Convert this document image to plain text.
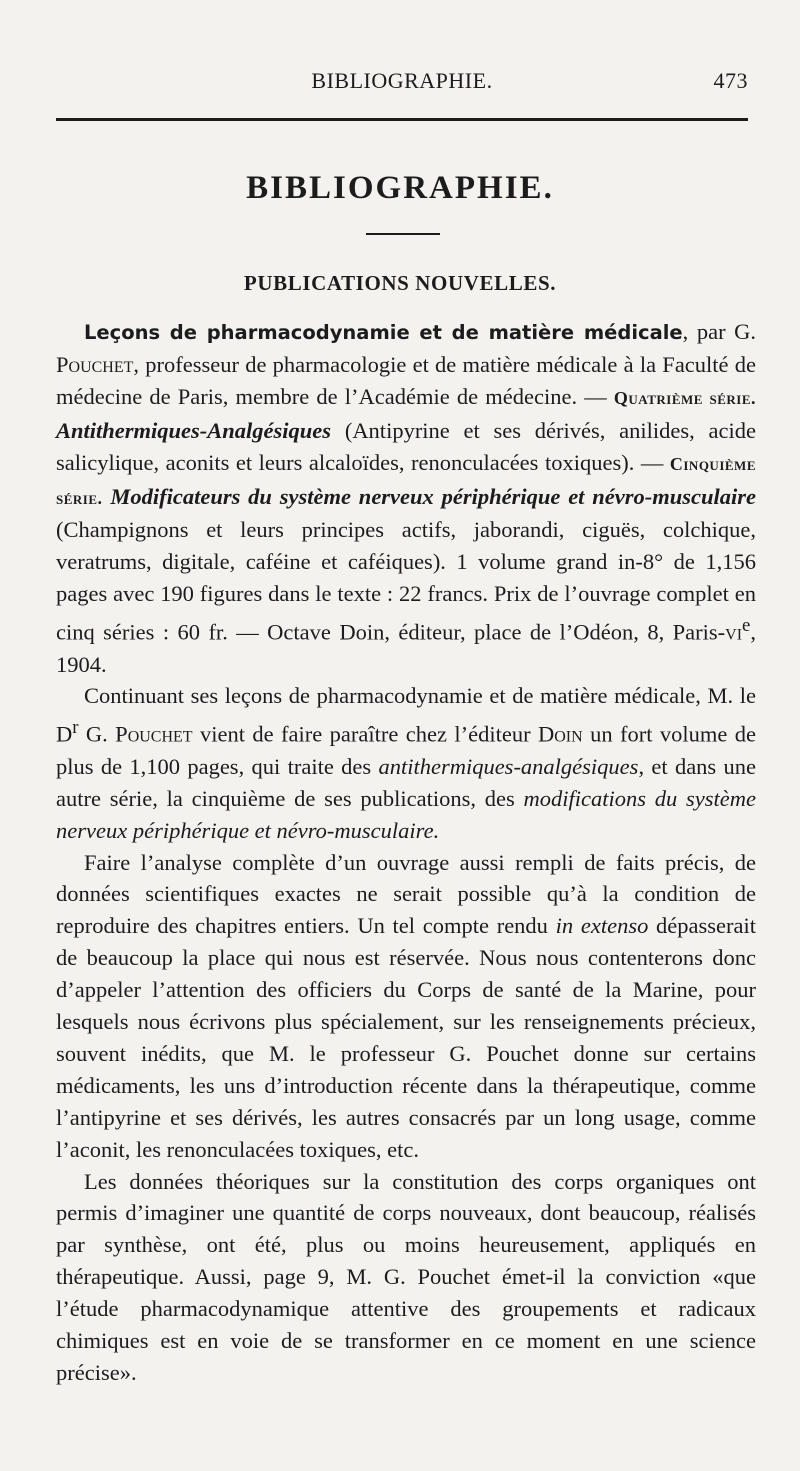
BIBLIOGRAPHIE.	473
BIBLIOGRAPHIE.
PUBLICATIONS NOUVELLES.

Leçons de pharmacodynamie et de matière médicale, par G. Pouchet, professeur de pharmacologie et de matière médicale à la Faculté de médecine de Paris, membre de l’Académie de médecine. — Quatrième série. Antithermiques-Analgésiques (Antipyrine et ses dérivés, anilides, acide salicylique, aconits et leurs alcaloïdes, renonculacées toxiques). — Cinquième série. Modificateurs du système nerveux périphérique et névro-musculaire (Champignons et leurs principes actifs, jaborandi, ciguës, colchique, veratrums, digitale, caféine et caféiques). 1 volume grand in-8° de 1,156 pages avec 190 figures dans le texte : 22 francs. Prix de l’ouvrage complet en cinq séries : 60 fr. — Octave Doin, éditeur, place de l’Odéon, 8, Paris-$vi^e$, 1904.

Continuant ses leçons de pharmacodynamie et de matière médicale, M. le $D^r$ G. Pouchet vient de faire paraître chez l’éditeur Doin un fort volume de plus de 1,100 pages, qui traite des antithermiques-analgésiques, et dans une autre série, la cinquième de ses publications, des modifications du système nerveux périphérique et névro-musculaire.

Faire l’analyse complète d’un ouvrage aussi rempli de faits précis, de données scientifiques exactes ne serait possible qu’à la condition de reproduire des chapitres entiers. Un tel compte rendu in extenso dépasserait de beaucoup la place qui nous est réservée. Nous nous contenterons donc d’appeler l’attention des officiers du Corps de santé de la Marine, pour lesquels nous écrivons plus spécialement, sur les renseignements précieux, souvent inédits, que M. le professeur G. Pouchet donne sur certains médicaments, les uns d’introduction récente dans la thérapeutique, comme l’antipyrine et ses dérivés, les autres consacrés par un long usage, comme l’aconit, les renonculacées toxiques, etc.

Les données théoriques sur la constitution des corps organiques ont permis d’imaginer une quantité de corps nouveaux, dont beaucoup, réalisés par synthèse, ont été, plus ou moins heureusement, appliqués en thérapeutique. Aussi, page 9, M. G. Pouchet émet-il la conviction «que l’étude pharmacodynamique attentive des groupements et radicaux chimiques est en voie de se transformer en ce moment en une science précise».
